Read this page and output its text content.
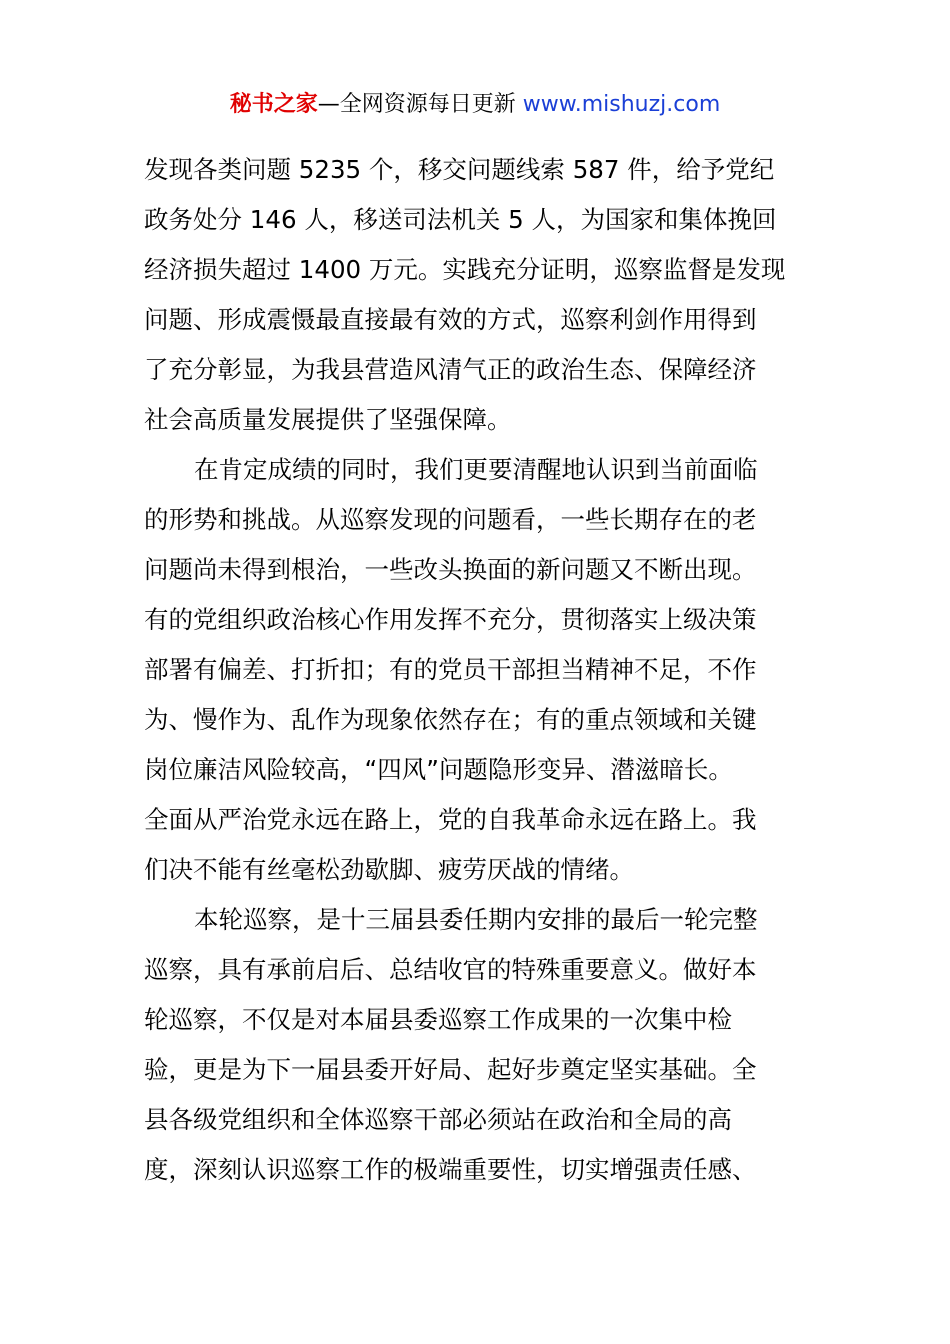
秘书之家—全网资源每日更新 www.mishuzj.com
发现各类问题 5235 个，移交问题线索 587 件，给予党纪
政务处分 146 人，移送司法机关 5 人，为国家和集体挽回
经济损失超过 1400 万元。实践充分证明，巡察监督是发现
问题、形成震慑最直接最有效的方式，巡察利剑作用得到
了充分彰显，为我县营造风清气正的政治生态、保障经济
社会高质量发展提供了坚强保障。
在肯定成绩的同时，我们更要清醒地认识到当前面临
的形势和挑战。从巡察发现的问题看，一些长期存在的老
问题尚未得到根治，一些改头换面的新问题又不断出现。
有的党组织政治核心作用发挥不充分，贯彻落实上级决策
部署有偏差、打折扣；有的党员干部担当精神不足，不作
为、慢作为、乱作为现象依然存在；有的重点领域和关键
岗位廉洁风险较高，“四风”问题隐形变异、潜滋暗长。
全面从严治党永远在路上，党的自我革命永远在路上。我
们决不能有丝毫松劲歇脚、疲劳厌战的情绪。
本轮巡察，是十三届县委任期内安排的最后一轮完整
巡察，具有承前启后、总结收官的特殊重要意义。做好本
轮巡察，不仅是对本届县委巡察工作成果的一次集中检
验，更是为下一届县委开好局、起好步奠定坚实基础。全
县各级党组织和全体巡察干部必须站在政治和全局的高
度，深刻认识巡察工作的极端重要性，切实增强责任感、
